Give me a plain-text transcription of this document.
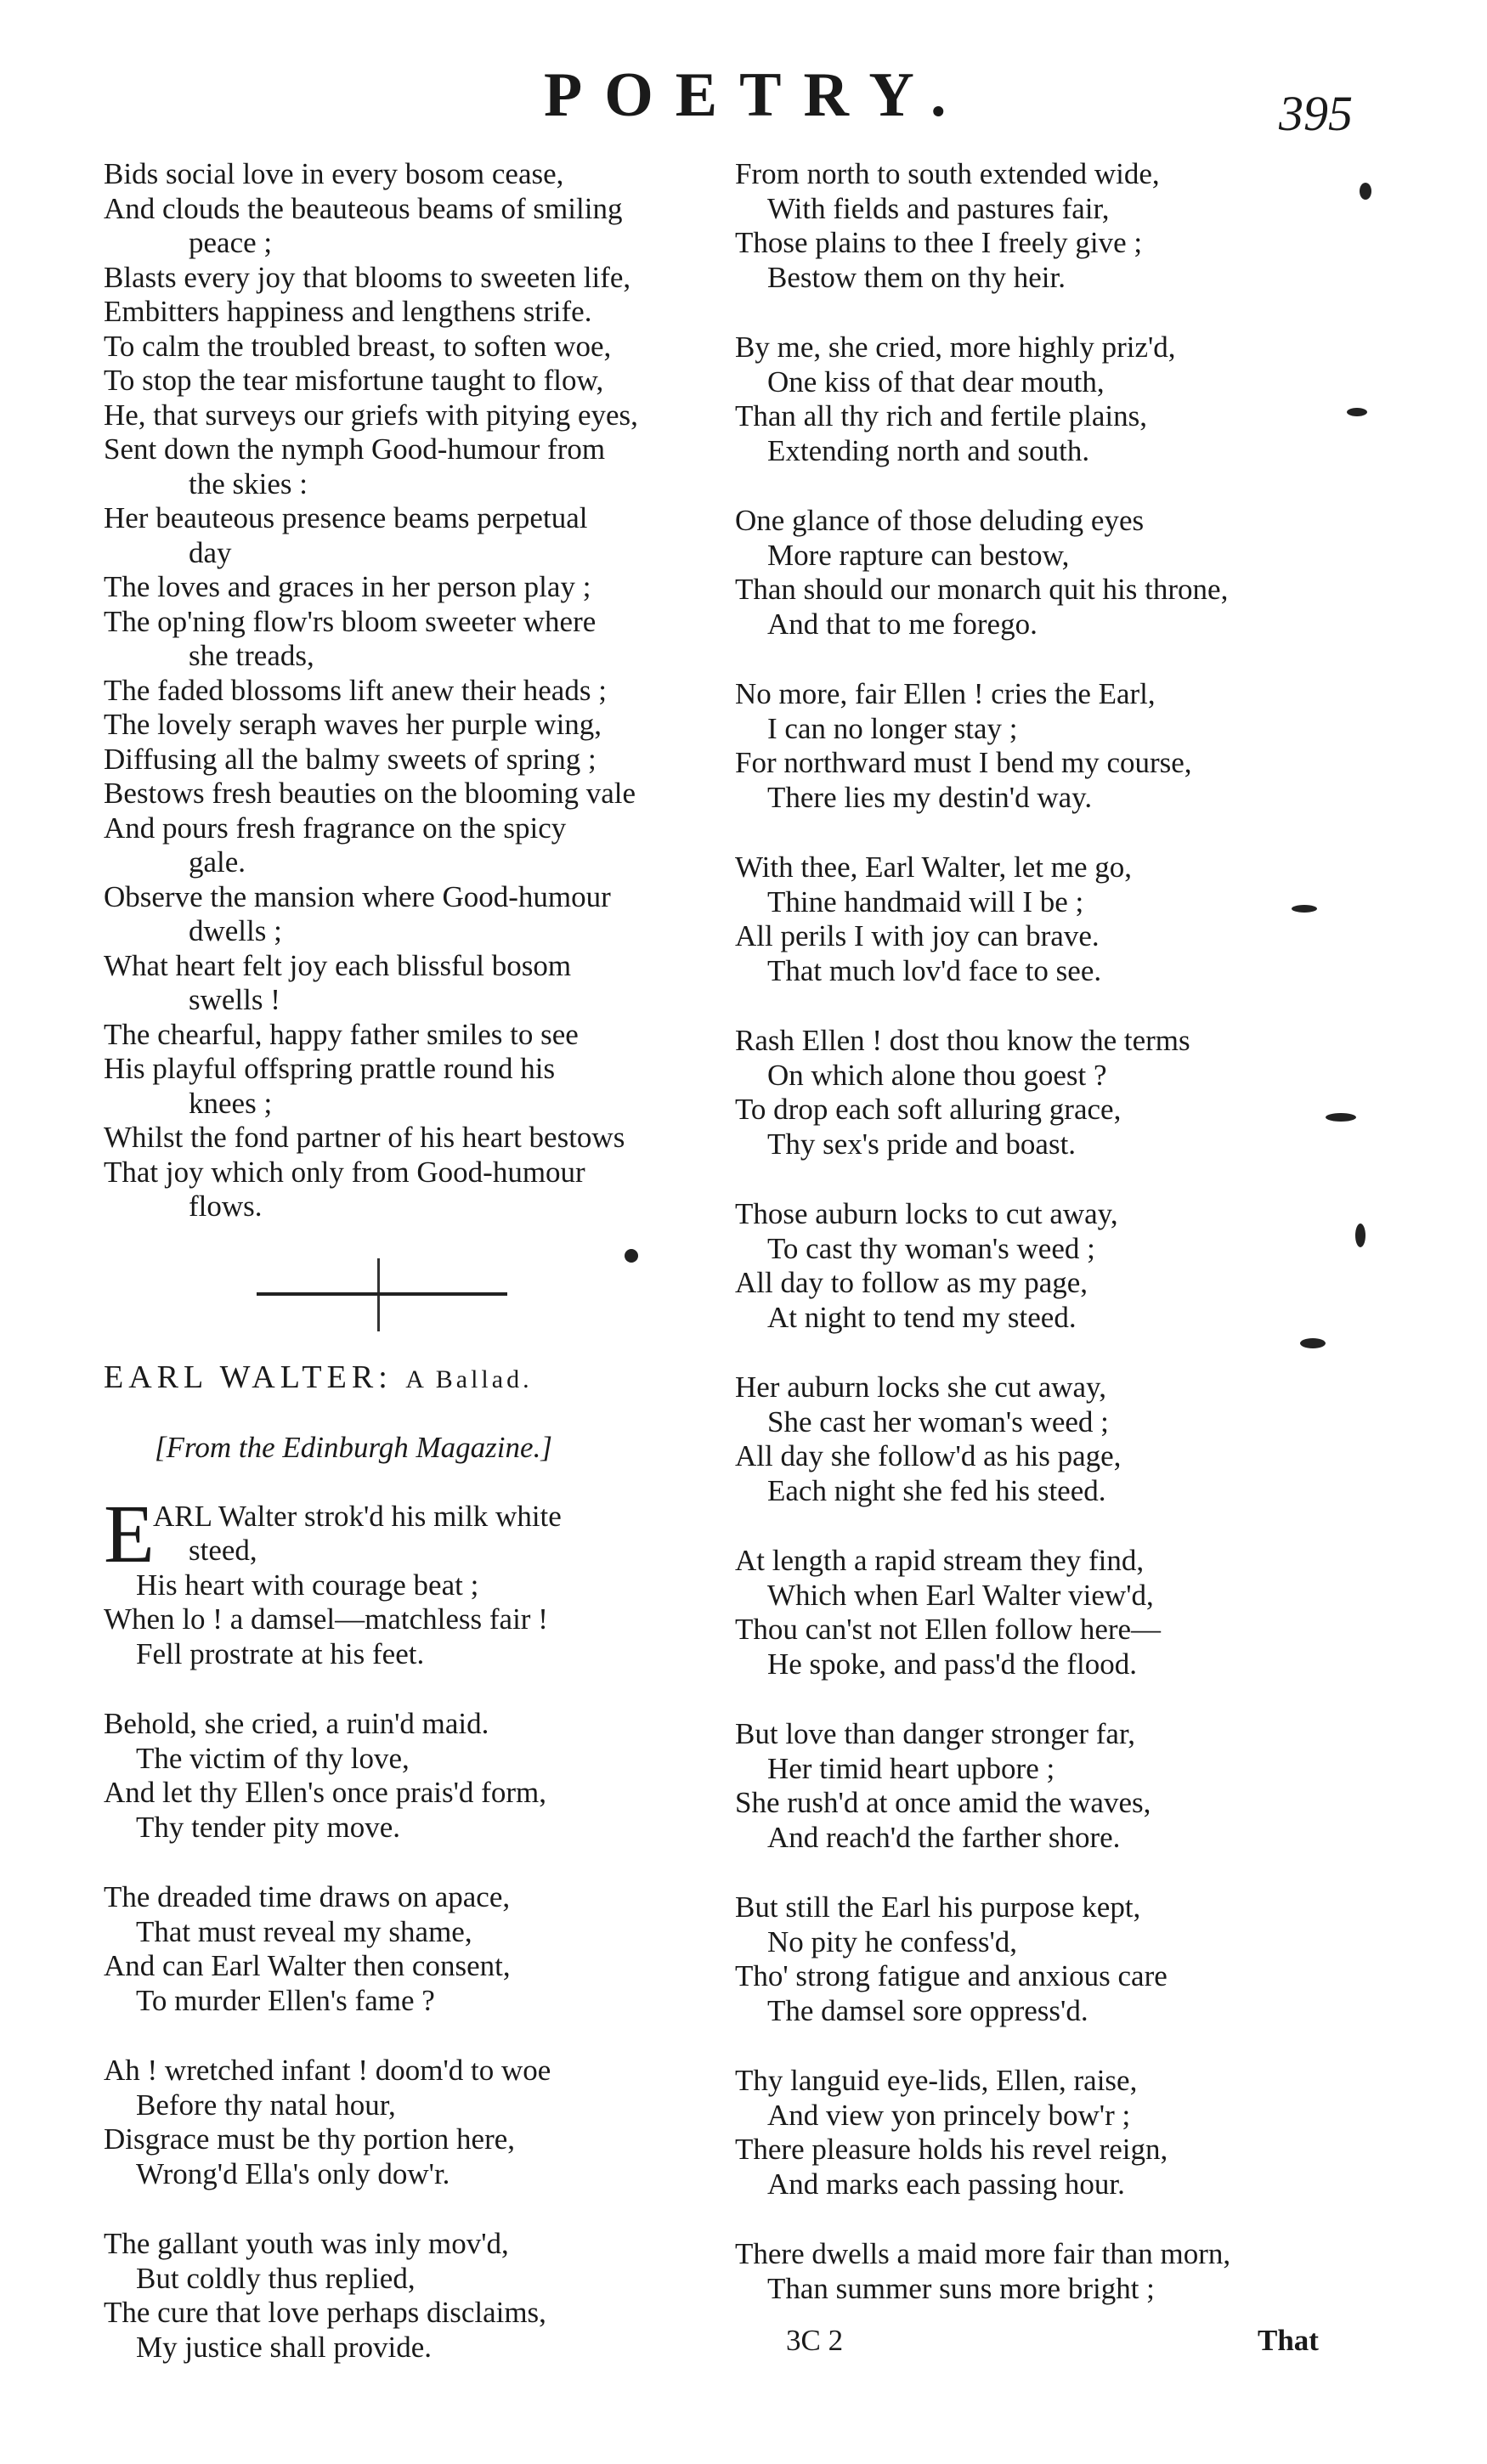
POETRY.	395
Bids social love in every bosom cease,
And clouds the beauteous beams of smiling
peace ;
Blasts every joy that blooms to sweeten life,
Embitters happiness and lengthens strife.
To calm the troubled breast, to soften woe,
To stop the tear misfortune taught to flow,
He, that surveys our griefs with pitying eyes,
Sent down the nymph Good-humour from
the skies :
Her beauteous presence beams perpetual
day
The loves and graces in her person play ;
The op'ning flow'rs bloom sweeter where
she treads,
The faded blossoms lift anew their heads ;
The lovely seraph waves her purple wing,
Diffusing all the balmy sweets of spring ;
Bestows fresh beauties on the blooming vale
And pours fresh fragrance on the spicy
gale.
Observe the mansion where Good-humour
dwells ;
What heart felt joy each blissful bosom
swells !
The chearful, happy father smiles to see
His playful offspring prattle round his
knees ;
Whilst the fond partner of his heart bestows
That joy which only from Good-humour
flows.
EARL WALTER: A Ballad.
[From the Edinburgh Magazine.]
E
ARL Walter strok'd his milk white
steed,
His heart with courage beat ;
When lo ! a damsel—matchless fair !
Fell prostrate at his feet.
Behold, she cried, a ruin'd maid.
The victim of thy love,
And let thy Ellen's once prais'd form,
Thy tender pity move.
The dreaded time draws on apace,
That must reveal my shame,
And can Earl Walter then consent,
To murder Ellen's fame ?
Ah ! wretched infant ! doom'd to woe
Before thy natal hour,
Disgrace must be thy portion here,
Wrong'd Ella's only dow'r.
The gallant youth was inly mov'd,
But coldly thus replied,
The cure that love perhaps disclaims,
My justice shall provide.
From north to south extended wide,
With fields and pastures fair,
Those plains to thee I freely give ;
Bestow them on thy heir.
By me, she cried, more highly priz'd,
One kiss of that dear mouth,
Than all thy rich and fertile plains,
Extending north and south.
One glance of those deluding eyes
More rapture can bestow,
Than should our monarch quit his throne,
And that to me forego.
No more, fair Ellen ! cries the Earl,
I can no longer stay ;
For northward must I bend my course,
There lies my destin'd way.
With thee, Earl Walter, let me go,
Thine handmaid will I be ;
All perils I with joy can brave.
That much lov'd face to see.
Rash Ellen ! dost thou know the terms
On which alone thou goest ?
To drop each soft alluring grace,
Thy sex's pride and boast.
Those auburn locks to cut away,
To cast thy woman's weed ;
All day to follow as my page,
At night to tend my steed.
Her auburn locks she cut away,
She cast her woman's weed ;
All day she follow'd as his page,
Each night she fed his steed.
At length a rapid stream they find,
Which when Earl Walter view'd,
Thou can'st not Ellen follow here—
He spoke, and pass'd the flood.
But love than danger stronger far,
Her timid heart upbore ;
She rush'd at once amid the waves,
And reach'd the farther shore.
But still the Earl his purpose kept,
No pity he confess'd,
Tho' strong fatigue and anxious care
The damsel sore oppress'd.
Thy languid eye-lids, Ellen, raise,
And view yon princely bow'r ;
There pleasure holds his revel reign,
And marks each passing hour.
There dwells a maid more fair than morn,
Than summer suns more bright ;
3C 2	That
